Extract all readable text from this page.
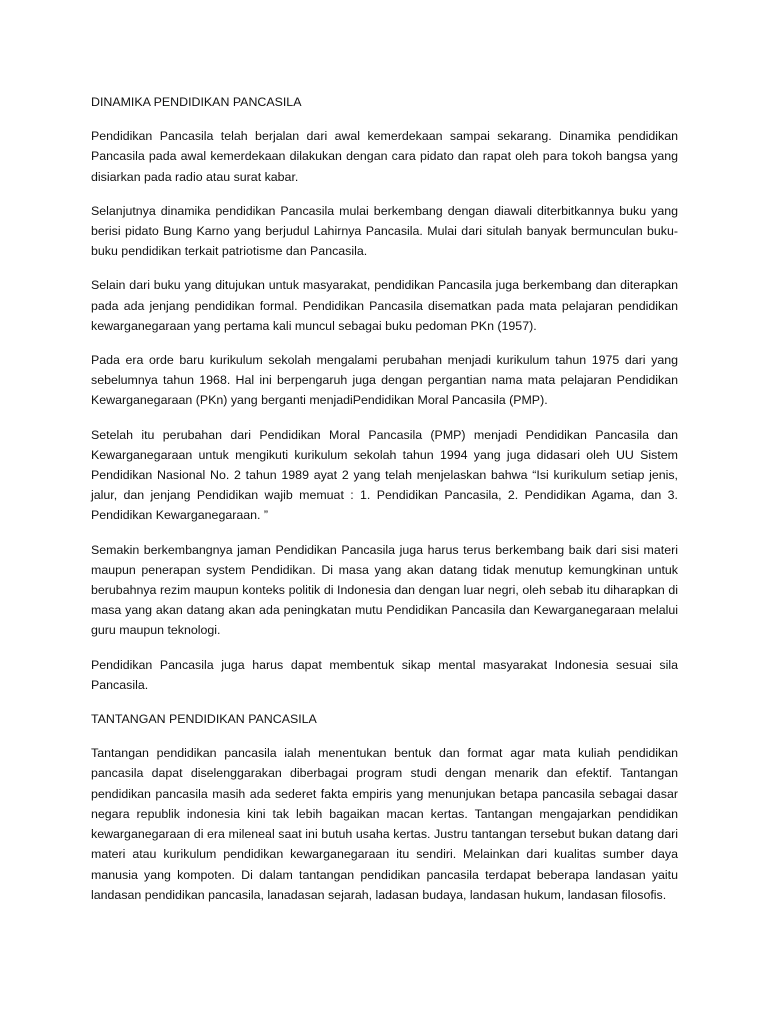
DINAMIKA PENDIDIKAN PANCASILA

Pendidikan Pancasila telah berjalan dari awal kemerdekaan sampai sekarang. Dinamika pendidikan Pancasila pada awal kemerdekaan dilakukan dengan cara pidato dan rapat oleh para tokoh bangsa yang disiarkan pada radio atau surat kabar.

Selanjutnya dinamika pendidikan Pancasila mulai berkembang dengan diawali diterbitkannya buku yang berisi pidato Bung Karno yang berjudul Lahirnya Pancasila. Mulai dari situlah banyak bermunculan buku-buku pendidikan terkait patriotisme dan Pancasila.

Selain dari buku yang ditujukan untuk masyarakat, pendidikan Pancasila juga berkembang dan diterapkan pada ada jenjang pendidikan formal. Pendidikan Pancasila disematkan pada mata pelajaran pendidikan kewarganegaraan yang pertama kali muncul sebagai buku pedoman PKn (1957).

Pada era orde baru kurikulum sekolah mengalami perubahan menjadi kurikulum tahun 1975 dari yang sebelumnya tahun 1968. Hal ini berpengaruh juga dengan pergantian nama mata pelajaran Pendidikan Kewarganegaraan (PKn) yang berganti menjadiPendidikan Moral Pancasila (PMP).

Setelah itu perubahan dari Pendidikan Moral Pancasila (PMP) menjadi Pendidikan Pancasila dan Kewarganegaraan untuk mengikuti kurikulum sekolah tahun 1994 yang juga didasari oleh UU Sistem Pendidikan Nasional No. 2 tahun 1989 ayat 2 yang telah menjelaskan bahwa “Isi kurikulum setiap jenis, jalur, dan jenjang Pendidikan wajib memuat : 1. Pendidikan Pancasila, 2. Pendidikan Agama, dan 3. Pendidikan Kewarganegaraan. ”

Semakin berkembangnya jaman Pendidikan Pancasila juga harus terus berkembang baik dari sisi materi maupun penerapan system Pendidikan. Di masa yang akan datang tidak menutup kemungkinan untuk berubahnya rezim maupun konteks politik di Indonesia dan dengan luar negri, oleh sebab itu diharapkan di masa yang akan datang akan ada peningkatan mutu Pendidikan Pancasila dan Kewarganegaraan melalui guru maupun teknologi.

Pendidikan Pancasila juga harus dapat membentuk sikap mental masyarakat Indonesia sesuai sila Pancasila.

TANTANGAN PENDIDIKAN PANCASILA

Tantangan pendidikan pancasila ialah menentukan bentuk dan format agar mata kuliah pendidikan pancasila dapat diselenggarakan diberbagai program studi dengan menarik dan efektif. Tantangan pendidikan pancasila masih ada sederet fakta empiris yang menunjukan betapa pancasila sebagai dasar negara republik indonesia kini tak lebih bagaikan macan kertas. Tantangan mengajarkan pendidikan kewarganegaraan di era mileneal saat ini butuh usaha kertas. Justru tantangan tersebut bukan datang dari materi atau kurikulum pendidikan kewarganegaraan itu sendiri. Melainkan dari kualitas sumber daya manusia yang kompoten. Di dalam tantangan pendidikan pancasila terdapat beberapa landasan yaitu landasan pendidikan pancasila, lanadasan sejarah, ladasan budaya, landasan hukum, landasan filosofis.
